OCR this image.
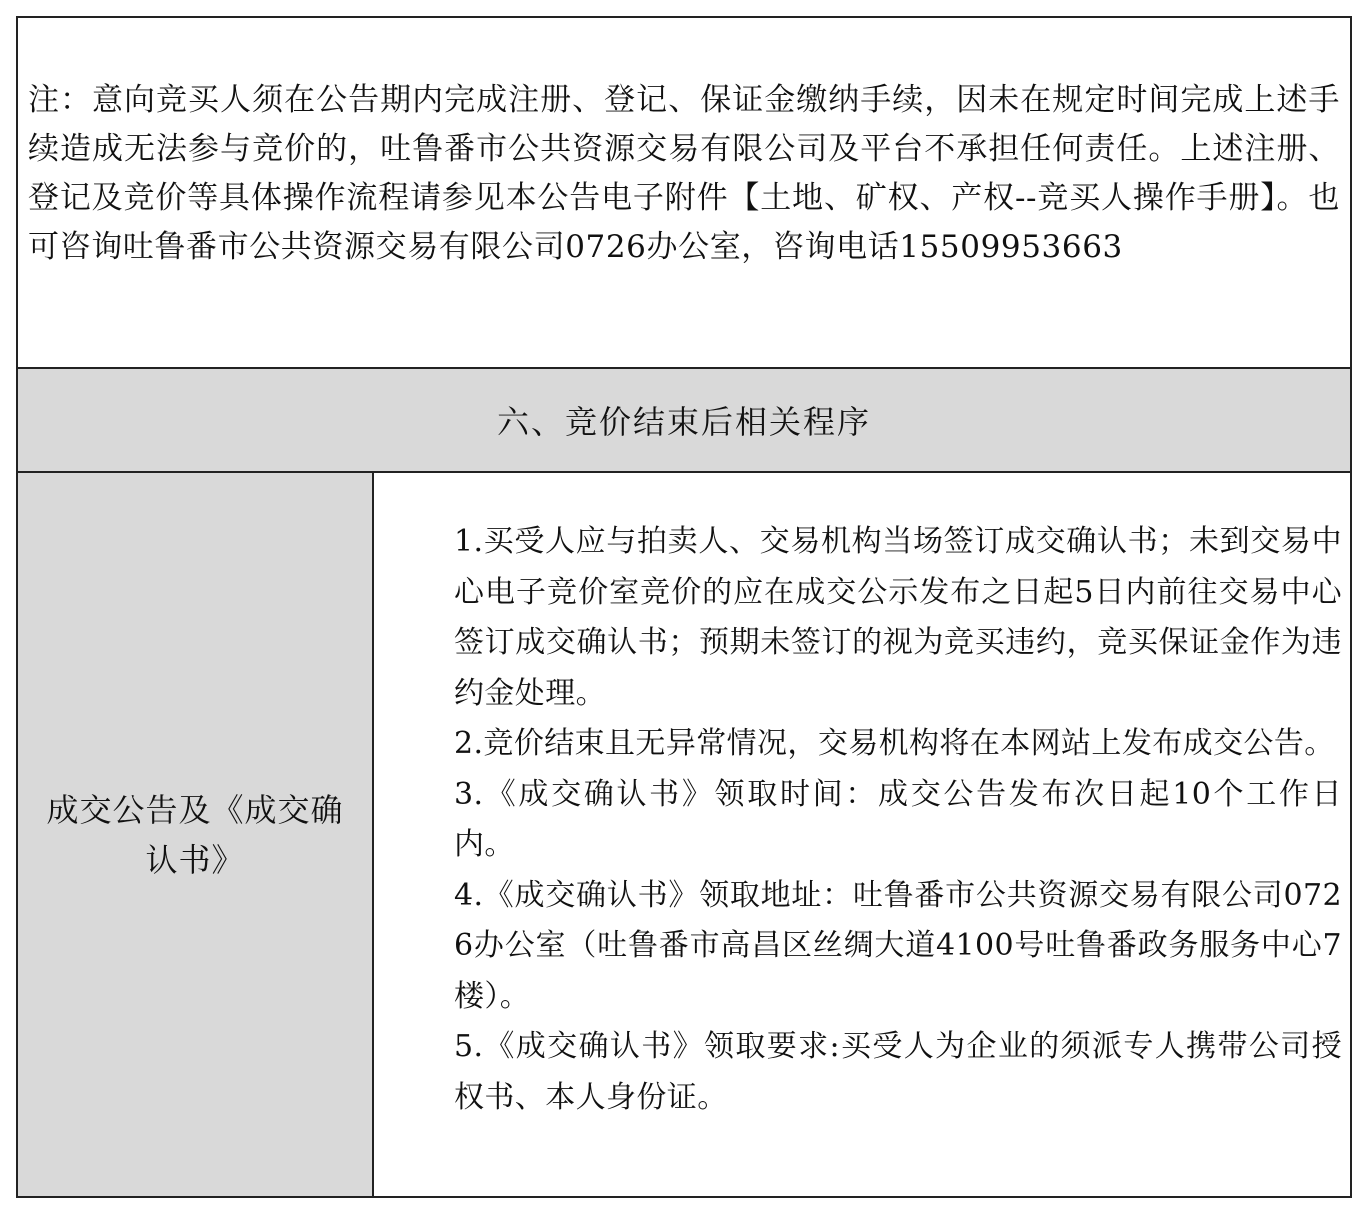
注：意向竞买人须在公告期内完成注册、登记、保证金缴纳手续，因未在规定时间完成上述手续造成无法参与竞价的，吐鲁番市公共资源交易有限公司及平台不承担任何责任。上述注册、登记及竞价等具体操作流程请参见本公告电子附件【土地、矿权、产权--竞买人操作手册】。也可咨询吐鲁番市公共资源交易有限公司0726办公室，咨询电话15509953663

六、竞价结束后相关程序
成交公告及《成交确认书》

1.买受人应与拍卖人、交易机构当场签订成交确认书；未到交易中心电子竞价室竞价的应在成交公示发布之日起5日内前往交易中心签订成交确认书；预期未签订的视为竞买违约，竞买保证金作为违约金处理。

2.竞价结束且无异常情况，交易机构将在本网站上发布成交公告。

3.《成交确认书》领取时间：成交公告发布次日起10个工作日内。

4.《成交确认书》领取地址：吐鲁番市公共资源交易有限公司0726办公室（吐鲁番市高昌区丝绸大道4100号吐鲁番政务服务中心7楼）。

5.《成交确认书》领取要求:买受人为企业的须派专人携带公司授权书、本人身份证。
